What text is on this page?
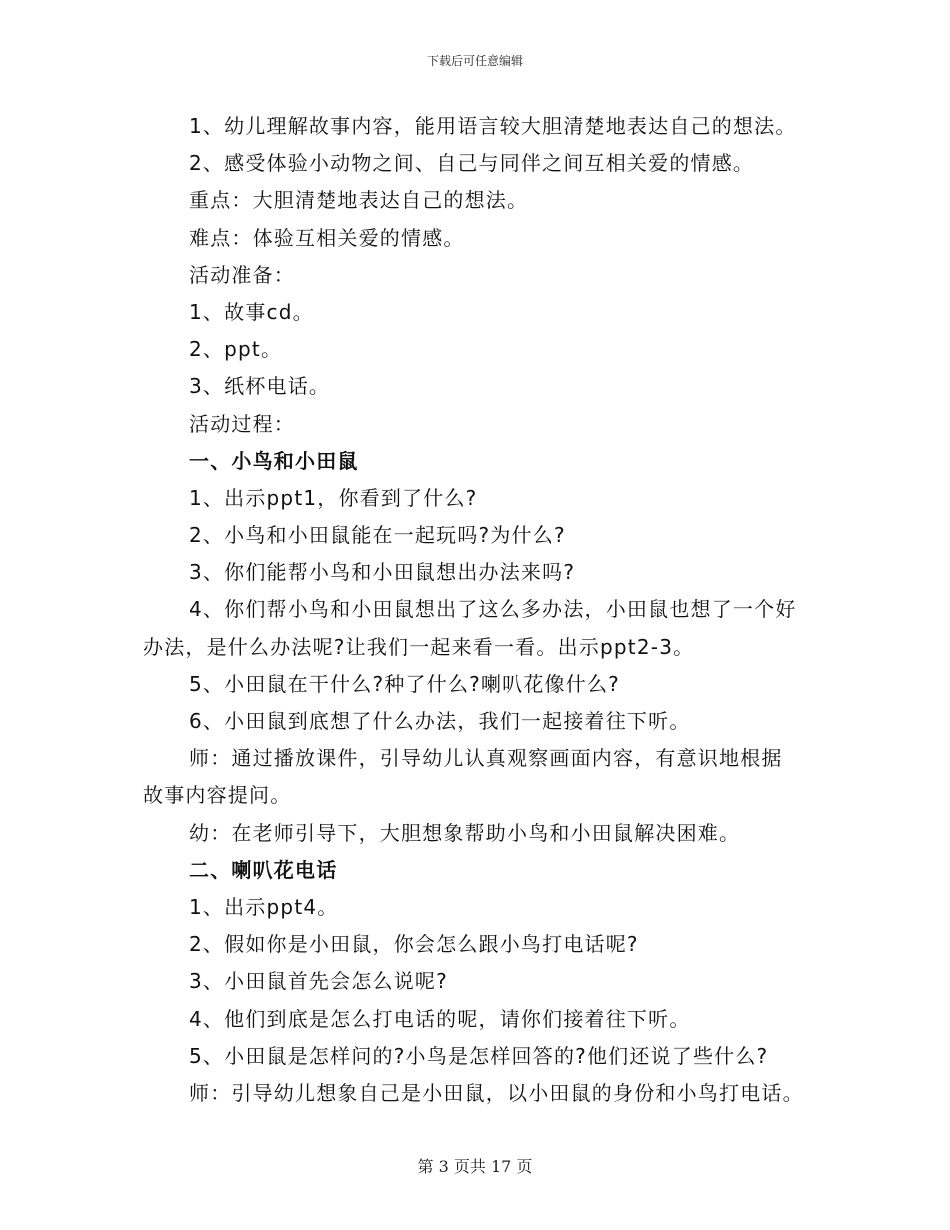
下载后可任意编辑
1、幼儿理解故事内容，能用语言较大胆清楚地表达自己的想法。
2、感受体验小动物之间、自己与同伴之间互相关爱的情感。
重点：大胆清楚地表达自己的想法。
难点：体验互相关爱的情感。
活动准备：
1、故事cd。
2、ppt。
3、纸杯电话。
活动过程：
一、小鸟和小田鼠
1、出示ppt1，你看到了什么?
2、小鸟和小田鼠能在一起玩吗?为什么?
3、你们能帮小鸟和小田鼠想出办法来吗?
4、你们帮小鸟和小田鼠想出了这么多办法，小田鼠也想了一个好
办法，是什么办法呢?让我们一起来看一看。出示ppt2-3。
5、小田鼠在干什么?种了什么?喇叭花像什么?
6、小田鼠到底想了什么办法，我们一起接着往下听。
师：通过播放课件，引导幼儿认真观察画面内容，有意识地根据
故事内容提问。
幼：在老师引导下，大胆想象帮助小鸟和小田鼠解决困难。
二、喇叭花电话
1、出示ppt4。
2、假如你是小田鼠，你会怎么跟小鸟打电话呢?
3、小田鼠首先会怎么说呢?
4、他们到底是怎么打电话的呢，请你们接着往下听。
5、小田鼠是怎样问的?小鸟是怎样回答的?他们还说了些什么?
师：引导幼儿想象自己是小田鼠，以小田鼠的身份和小鸟打电话。
第 3 页共 17 页
